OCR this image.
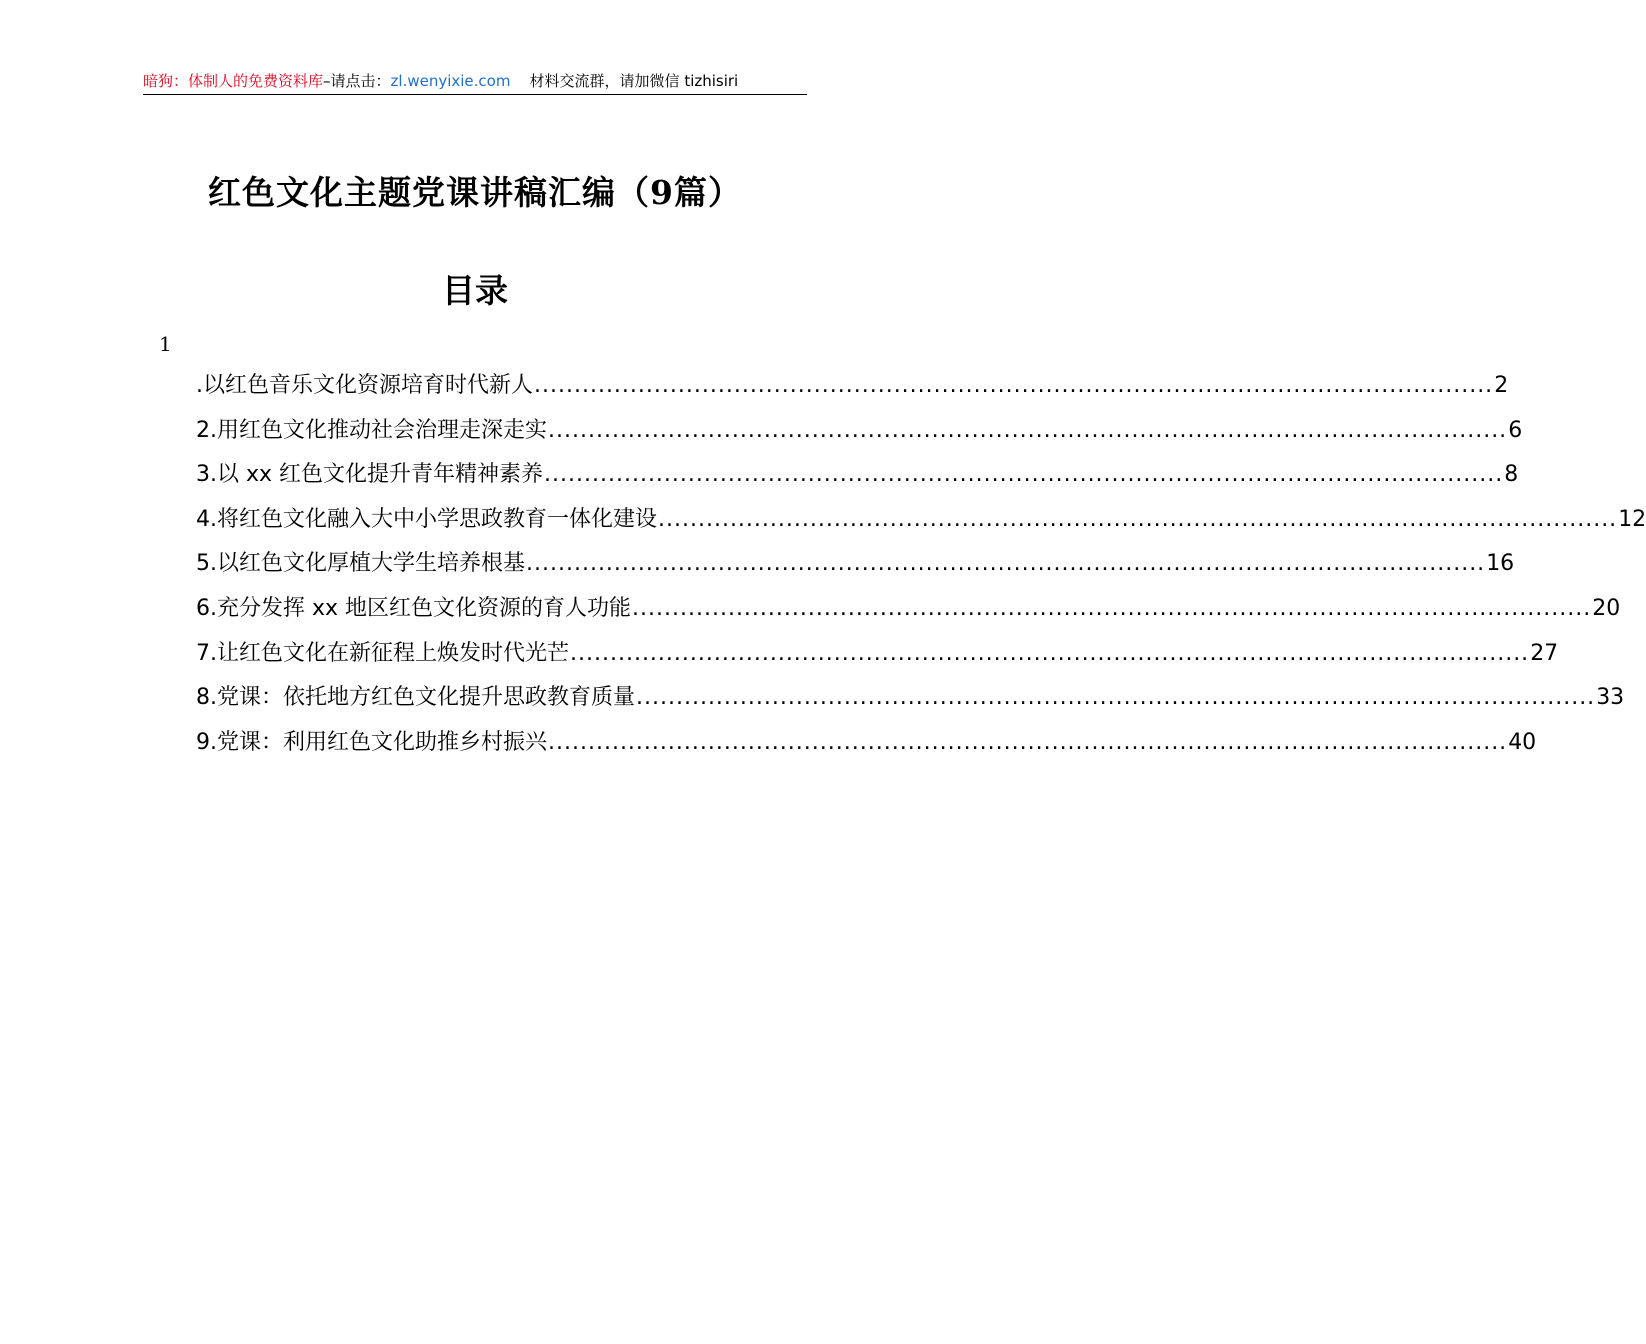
暗狗：体制人的免费资料库–请点击：zl.wenyixie.com 材料交流群，请加微信 tizhisiri
红色文化主题党课讲稿汇编（9篇）
目录
1
.以红色音乐文化资源培育时代新人 ........................................................................................................................ 2
2.用红色文化推动社会治理走深走实 ........................................................................................................................ 6
3.以 xx 红色文化提升青年精神素养 ........................................................................................................................ 8
4.将红色文化融入大中小学思政教育一体化建设 ........................................................................................................................ 12
5.以红色文化厚植大学生培养根基 ........................................................................................................................ 16
6.充分发挥 xx 地区红色文化资源的育人功能 ........................................................................................................................ 20
7.让红色文化在新征程上焕发时代光芒 ........................................................................................................................ 27
8.党课：依托地方红色文化提升思政教育质量 ........................................................................................................................ 33
9.党课：利用红色文化助推乡村振兴 ........................................................................................................................ 40
